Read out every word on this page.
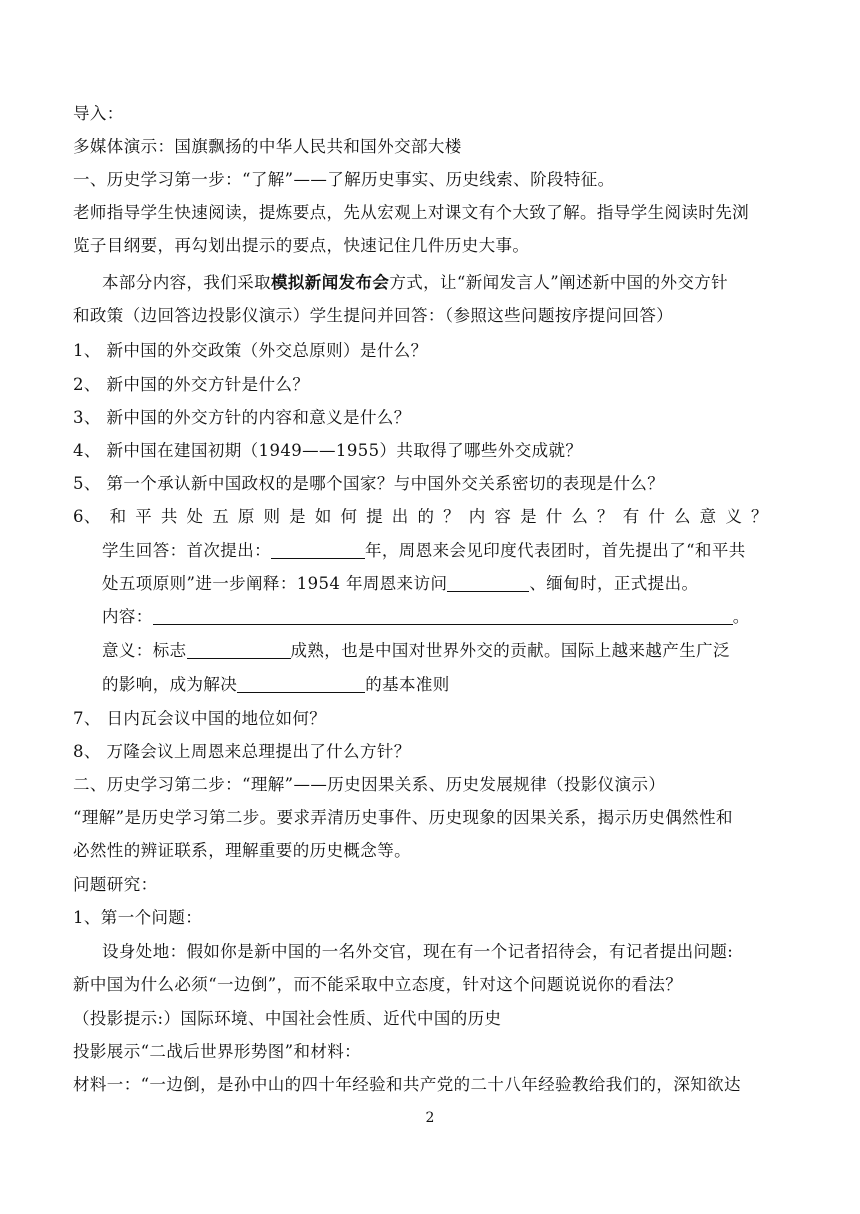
导入：
多媒体演示：国旗飘扬的中华人民共和国外交部大楼
一、历史学习第一步：“了解”——了解历史事实、历史线索、阶段特征。
老师指导学生快速阅读，提炼要点，先从宏观上对课文有个大致了解。指导学生阅读时先浏
览子目纲要，再勾划出提示的要点，快速记住几件历史大事。
本部分内容，我们采取模拟新闻发布会方式，让“新闻发言人”阐述新中国的外交方针
和政策（边回答边投影仪演示）学生提问并回答：（参照这些问题按序提问回答）
1、 新中国的外交政策（外交总原则）是什么？
2、 新中国的外交方针是什么？
3、 新中国的外交方针的内容和意义是什么？
4、 新中国在建国初期（1949——1955）共取得了哪些外交成就？
5、 第一个承认新中国政权的是哪个国家？与中国外交关系密切的表现是什么？
6、 和 平 共 处 五 原 则 是 如 何 提 出 的 ？ 内 容 是 什 么 ？ 有 什 么 意 义 ？
学生回答：首次提出：	年，周恩来会见印度代表团时，首先提出了“和平共
处五项原则”进一步阐释：1954 年周恩来访问	、缅甸时，正式提出。
内容：	。
意义：标志	成熟，也是中国对世界外交的贡献。国际上越来越产生广泛
的影响，成为解决	的基本准则
7、 日内瓦会议中国的地位如何？
8、 万隆会议上周恩来总理提出了什么方针？
二、历史学习第二步：“理解”——历史因果关系、历史发展规律（投影仪演示）
“理解”是历史学习第二步。要求弄清历史事件、历史现象的因果关系，揭示历史偶然性和
必然性的辨证联系，理解重要的历史概念等。
问题研究：
1、第一个问题：
设身处地：假如你是新中国的一名外交官，现在有一个记者招待会，有记者提出问题:
新中国为什么必须“一边倒”，而不能采取中立态度，针对这个问题说说你的看法？
（投影提示:）国际环境、中国社会性质、近代中国的历史
投影展示“二战后世界形势图”和材料：
材料一：“一边倒，是孙中山的四十年经验和共产党的二十八年经验教给我们的，深知欲达
2
